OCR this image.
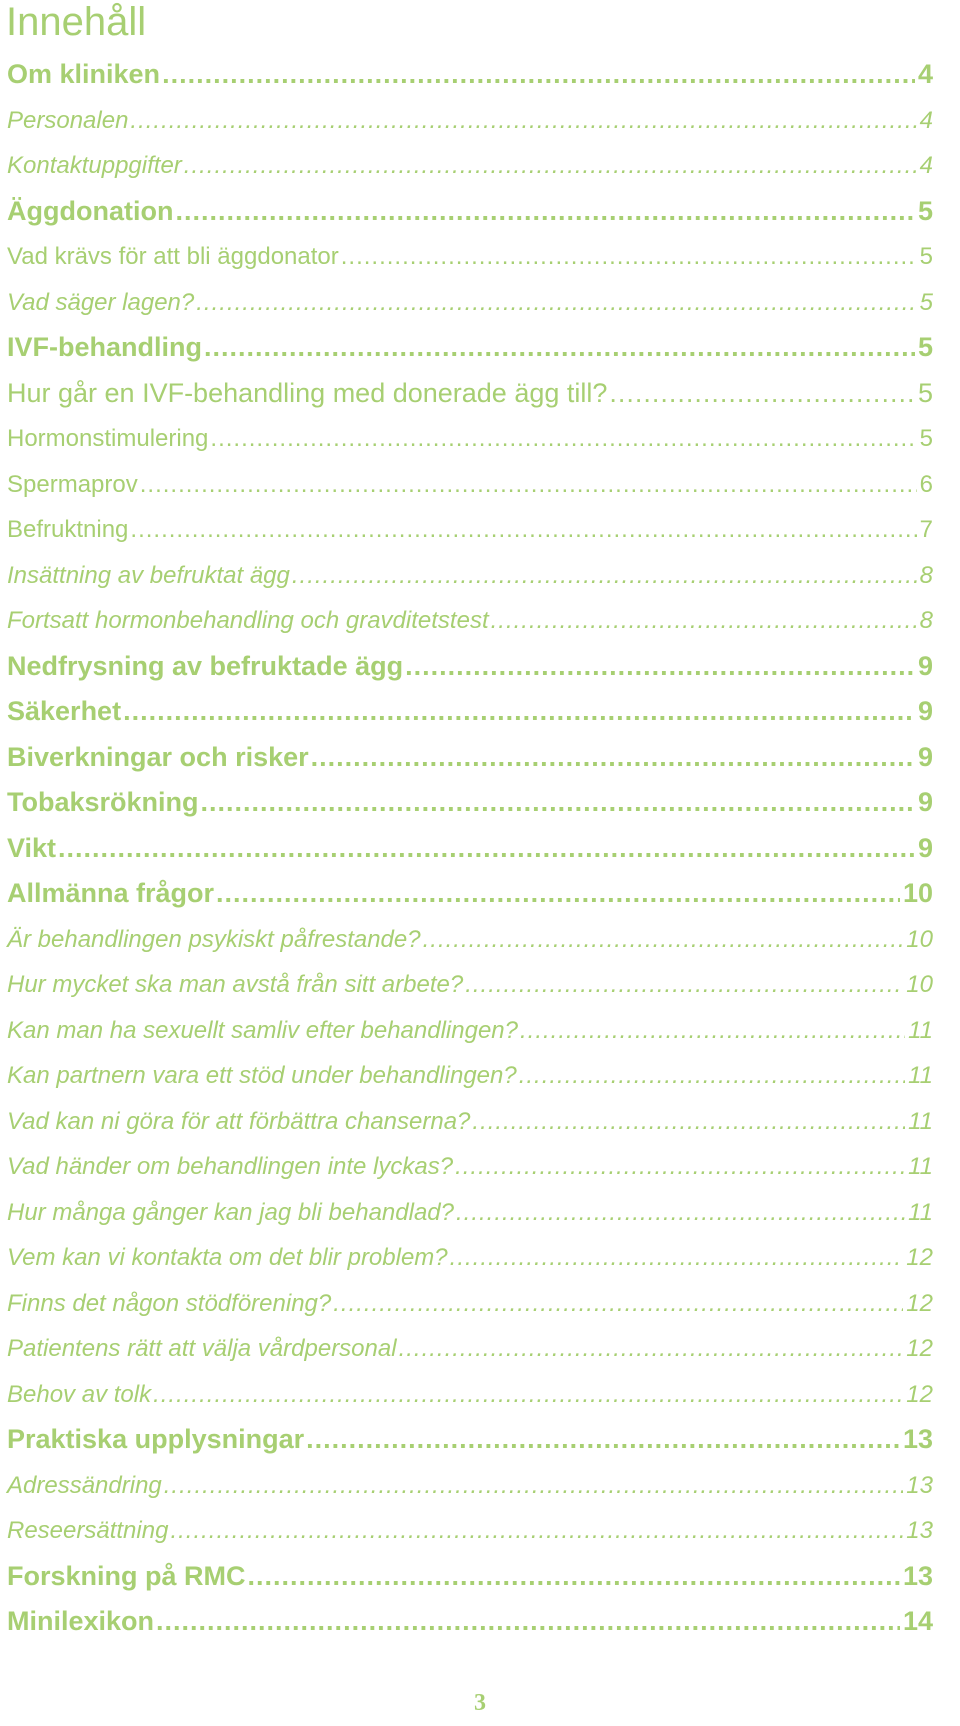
Innehåll
Om kliniken .....	4
Personalen .....	4
Kontaktuppgifter .....	4
Äggdonation .....	5
Vad krävs för att bli äggdonator .....	5
Vad säger lagen? .....	5
IVF-behandling .....	5
Hur går en IVF-behandling med donerade ägg till? .....	5
Hormonstimulering .....	5
Spermaprov .....	6
Befruktning .....	7
Insättning av befruktat ägg .....	8
Fortsatt hormonbehandling och gravditetstest .....	8
Nedfrysning av befruktade ägg .....	9
Säkerhet .....	9
Biverkningar och risker .....	9
Tobaksrökning .....	9
Vikt .....	9
Allmänna frågor .....	10
Är behandlingen psykiskt påfrestande? .....	10
Hur mycket ska man avstå från sitt arbete? .....	10
Kan man ha sexuellt samliv efter behandlingen? .....	11
Kan partnern vara ett stöd under behandlingen? .....	11
Vad kan ni göra för att förbättra chanserna? .....	11
Vad händer om behandlingen inte lyckas? .....	11
Hur många gånger kan jag bli behandlad? .....	11
Vem kan vi kontakta om det blir problem? .....	12
Finns det någon stödförening? .....	12
Patientens rätt att välja vårdpersonal .....	12
Behov av tolk .....	12
Praktiska upplysningar .....	13
Adressändring .....	13
Reseersättning .....	13
Forskning på RMC .....	13
Minilexikon .....	14
3
